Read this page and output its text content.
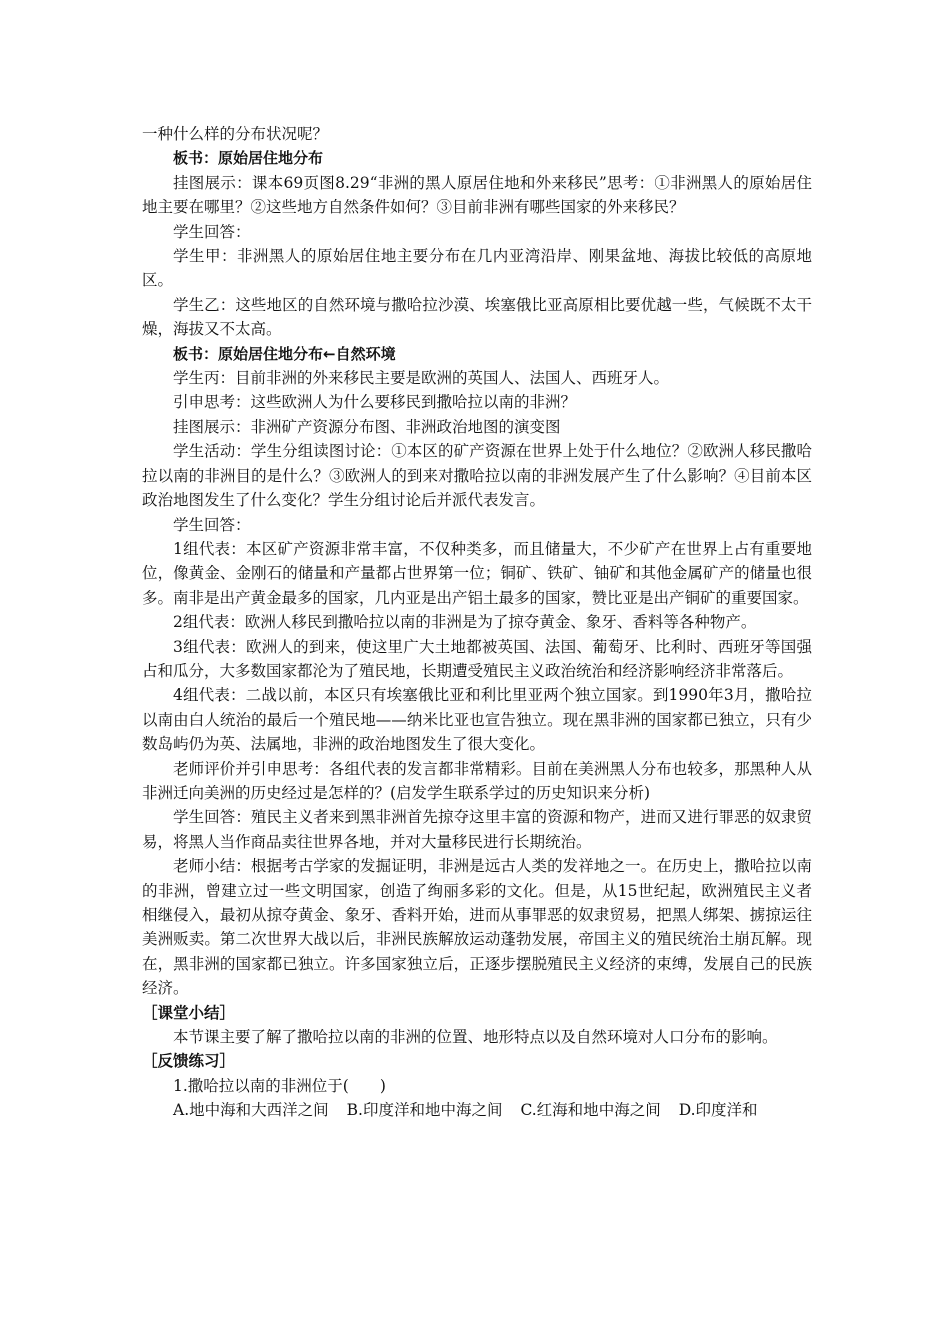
一种什么样的分布状况呢？

板书：原始居住地分布

挂图展示：课本69页图8.29“非洲的黑人原居住地和外来移民”思考：①非洲黑人的原始居住地主要在哪里？②这些地方自然条件如何？③目前非洲有哪些国家的外来移民？

学生回答：

学生甲：非洲黑人的原始居住地主要分布在几内亚湾沿岸、刚果盆地、海拔比较低的高原地区。

学生乙：这些地区的自然环境与撒哈拉沙漠、埃塞俄比亚高原相比要优越一些，气候既不太干燥，海拔又不太高。

板书：原始居住地分布←自然环境

学生丙：目前非洲的外来移民主要是欧洲的英国人、法国人、西班牙人。

引申思考：这些欧洲人为什么要移民到撒哈拉以南的非洲？

挂图展示：非洲矿产资源分布图、非洲政治地图的演变图

学生活动：学生分组读图讨论：①本区的矿产资源在世界上处于什么地位？②欧洲人移民撒哈拉以南的非洲目的是什么？③欧洲人的到来对撒哈拉以南的非洲发展产生了什么影响？④目前本区政治地图发生了什么变化？学生分组讨论后并派代表发言。

学生回答：

1组代表：本区矿产资源非常丰富，不仅种类多，而且储量大，不少矿产在世界上占有重要地位，像黄金、金刚石的储量和产量都占世界第一位；铜矿、铁矿、铀矿和其他金属矿产的储量也很多。南非是出产黄金最多的国家，几内亚是出产铝土最多的国家，赞比亚是出产铜矿的重要国家。

2组代表：欧洲人移民到撒哈拉以南的非洲是为了掠夺黄金、象牙、香料等各种物产。

3组代表：欧洲人的到来，使这里广大土地都被英国、法国、葡萄牙、比利时、西班牙等国强占和瓜分，大多数国家都沦为了殖民地，长期遭受殖民主义政治统治和经济影响经济非常落后。

4组代表：二战以前，本区只有埃塞俄比亚和利比里亚两个独立国家。到1990年3月，撒哈拉以南由白人统治的最后一个殖民地——纳米比亚也宣告独立。现在黑非洲的国家都已独立，只有少数岛屿仍为英、法属地，非洲的政治地图发生了很大变化。

老师评价并引申思考：各组代表的发言都非常精彩。目前在美洲黑人分布也较多，那黑种人从非洲迁向美洲的历史经过是怎样的？(启发学生联系学过的历史知识来分析)

学生回答：殖民主义者来到黑非洲首先掠夺这里丰富的资源和物产，进而又进行罪恶的奴隶贸易，将黑人当作商品卖往世界各地，并对大量移民进行长期统治。

老师小结：根据考古学家的发掘证明，非洲是远古人类的发祥地之一。在历史上，撒哈拉以南的非洲，曾建立过一些文明国家，创造了绚丽多彩的文化。但是，从15世纪起，欧洲殖民主义者相继侵入，最初从掠夺黄金、象牙、香料开始，进而从事罪恶的奴隶贸易，把黑人绑架、掳掠运往美洲贩卖。第二次世界大战以后，非洲民族解放运动蓬勃发展，帝国主义的殖民统治土崩瓦解。现在，黑非洲的国家都已独立。许多国家独立后，正逐步摆脱殖民主义经济的束缚，发展自己的民族经济。

［课堂小结］

本节课主要了解了撒哈拉以南的非洲的位置、地形特点以及自然环境对人口分布的影响。

［反馈练习］

1.撒哈拉以南的非洲位于(　　)

A.地中海和大西洋之间 B.印度洋和地中海之间 C.红海和地中海之间 D.印度洋和
